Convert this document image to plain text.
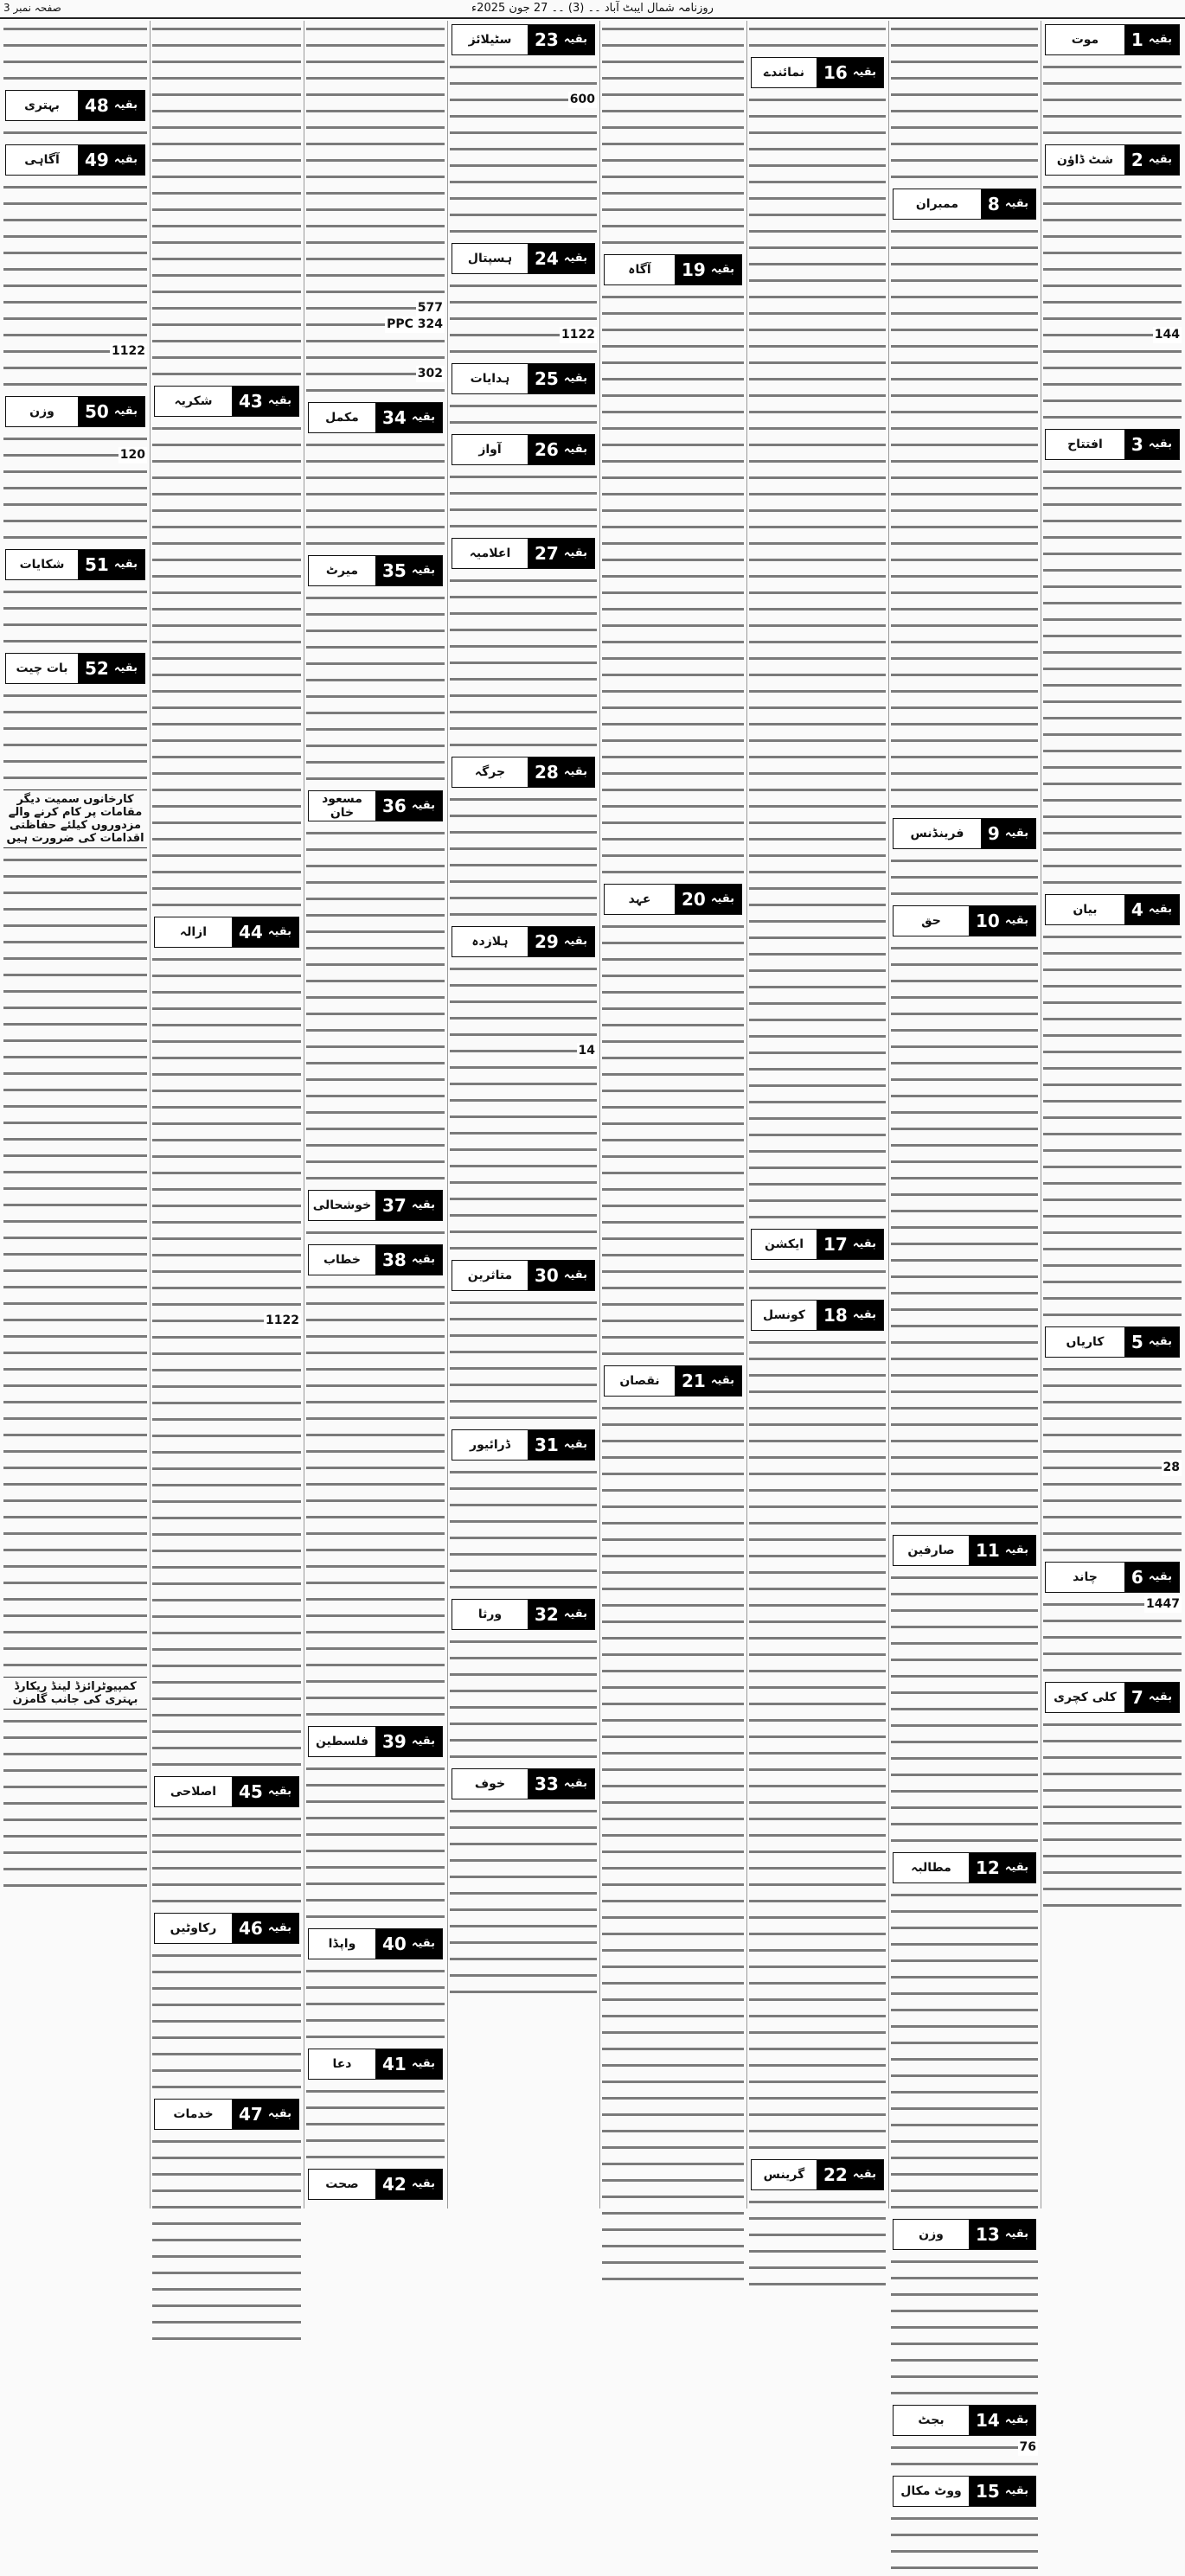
صفحہ نمبر 3	روزنامہ شمال ایبٹ آباد ۔۔ (3) ۔۔ 27 جون 2025ء
بقیہ
1
موت
بقیہ
2
شٹ ڈاؤن
144
بقیہ
3
افتتاح
بقیہ
4
بیان
بقیہ
5
کاریاں
28
بقیہ
6
چاند
1447
بقیہ
7
کلی کچری
بقیہ
8
ممبران
بقیہ
9
فرینڈنس
بقیہ
10
حق
بقیہ
11
صارفین
بقیہ
12
مطالبہ
بقیہ
13
وزن
بقیہ
14
بجٹ
76
بقیہ
15
ووٹ مکال
بقیہ
16
نمائندے
بقیہ
17
ایکشن
بقیہ
18
کونسل
بقیہ
22
گرینس
بقیہ
19
آگاہ
بقیہ
20
عہد
بقیہ
21
نقصان
بقیہ
23
سٹیلائز
600
بقیہ
24
ہسپتال
1122
بقیہ
25
ہدایات
بقیہ
26
آواز
بقیہ
27
اعلامیہ
بقیہ
28
جرگہ
بقیہ
29
ہلازدہ
14
بقیہ
30
متاثرین
بقیہ
31
ڈرائیور
بقیہ
32
ورثا
بقیہ
33
خوف
577
PPC 324
302
بقیہ
34
مکمل
بقیہ
35
میرٹ
بقیہ
36
مسعود خان
بقیہ
37
خوشحالی
بقیہ
38
خطاب
بقیہ
39
فلسطین
بقیہ
40
واپڈا
بقیہ
41
دعا
بقیہ
42
صحت
بقیہ
43
شکریہ
بقیہ
44
ازالہ
1122
بقیہ
45
اصلاحی
بقیہ
46
رکاوٹیں
بقیہ
47
خدمات
بقیہ
48
بہتری
بقیہ
49
آگاہی
1122
بقیہ
50
وزن
120
بقیہ
51
شکایات
بقیہ
52
بات چیت
کارخانوں سمیت دیگر مقامات پر کام کرنے والے مزدوروں کیلئے حفاظتی اقدامات کی ضرورت ہیں
کمپیوٹرائزڈ لینڈ ریکارڈ بہتری کی جانب گامزن
